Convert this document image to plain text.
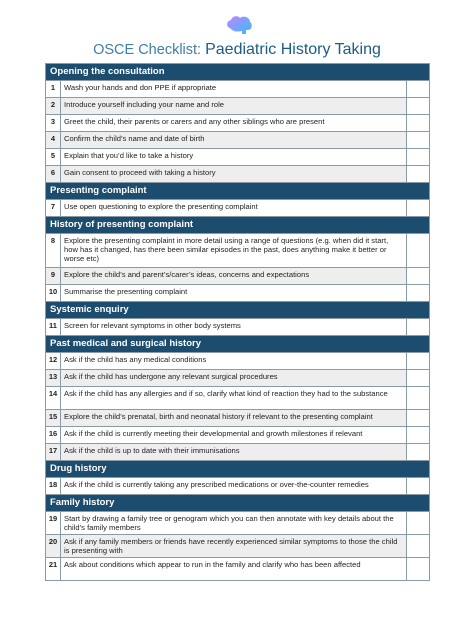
OSCE Checklist: Paediatric History Taking
Opening the consultation
1	Wash your hands and don PPE if appropriate
2	Introduce yourself including your name and role
3	Greet the child, their parents or carers and any other siblings who are present
4	Confirm the child’s name and date of birth
5	Explain that you’d like to take a history
6	Gain consent to proceed with taking a history
Presenting complaint
7	Use open questioning to explore the presenting complaint
History of presenting complaint
8	Explore the presenting complaint in more detail using a range of questions (e.g. when did it start, how has it changed, has there been similar episodes in the past, does anything make it better or worse etc)
9	Explore the child’s and parent’s/carer’s ideas, concerns and expectations
10 Summarise the presenting complaint
Systemic enquiry
11 Screen for relevant symptoms in other body systems
Past medical and surgical history
12 Ask if the child has any medical conditions
13 Ask if the child has undergone any relevant surgical procedures
14 Ask if the child has any allergies and if so, clarify what kind of reaction they had to the substance
15 Explore the child’s prenatal, birth and neonatal history if relevant to the presenting complaint
16 Ask if the child is currently meeting their developmental and growth milestones if relevant
17 Ask if the child is up to date with their immunisations
Drug history
18 Ask if the child is currently taking any prescribed medications or over-the-counter remedies
Family history
19 Start by drawing a family tree or genogram which you can then annotate with key details about the child’s family members
20 Ask if any family members or friends have recently experienced similar symptoms to those the child is presenting with
21 Ask about conditions which appear to run in the family and clarify who has been affected
